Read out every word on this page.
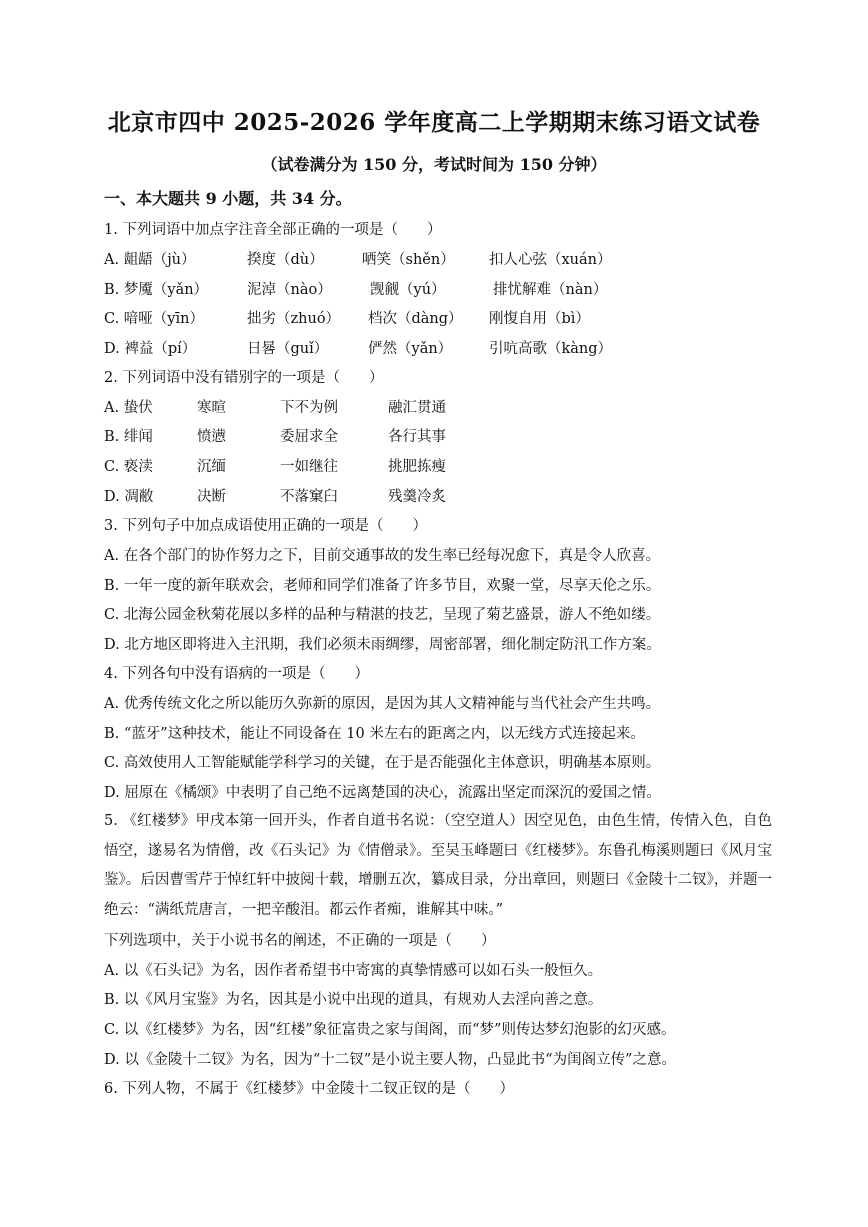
北京市四中 2025-2026 学年度高二上学期期末练习语文试卷
（试卷满分为 150 分，考试时间为 150 分钟）
一、本大题共 9 小题，共 34 分。
1. 下列词语中加点字注音全部正确的一项是（　　）
A. 龃龉（jù）	揆度（dù）	哂笑（shěn） 扣人心弦（xuán）
B. 梦魇（yǎn）	泥淖（nào）	觊觎（yú）	排忧解难（nàn）
C. 喑哑（yīn）	拙劣（zhuó） 档次（dàng） 刚愎自用（bì）
D. 裨益（pí）	日晷（guǐ）	俨然（yǎn）	引吭高歌（kàng）
2. 下列词语中没有错别字的一项是（　　）
A. 蛰伏	寒暄	下不为例	融汇贯通
B. 绯闻	愤懑	委屈求全	各行其事
C. 亵渎	沉缅	一如继往	挑肥拣瘦
D. 凋敝	决断	不落窠臼	残羹冷炙
3. 下列句子中加点成语使用正确的一项是（　　）
A. 在各个部门的协作努力之下，目前交通事故的发生率已经每况愈下，真是令人欣喜。
B. 一年一度的新年联欢会，老师和同学们准备了许多节目，欢聚一堂，尽享天伦之乐。
C. 北海公园金秋菊花展以多样的品种与精湛的技艺，呈现了菊艺盛景，游人不绝如缕。
D. 北方地区即将进入主汛期，我们必须未雨绸缪，周密部署，细化制定防汛工作方案。
4. 下列各句中没有语病的一项是（　　）
A. 优秀传统文化之所以能历久弥新的原因，是因为其人文精神能与当代社会产生共鸣。
B. “蓝牙”这种技术，能让不同设备在 10 米左右的距离之内，以无线方式连接起来。
C. 高效使用人工智能赋能学科学习的关键，在于是否能强化主体意识，明确基本原则。
D. 屈原在《橘颂》中表明了自己绝不远离楚国的决心，流露出坚定而深沉的爱国之情。
5. 《红楼梦》甲戌本第一回开头，作者自道书名说：（空空道人）因空见色，由色生情，传情入色，自色悟空，遂易名为情僧，改《石头记》为《情僧录》。至吴玉峰题曰《红楼梦》。东鲁孔梅溪则题曰《风月宝鉴》。后因曹雪芹于悼红轩中披阅十载，增删五次，纂成目录，分出章回，则题曰《金陵十二钗》，并题一绝云：“满纸荒唐言，一把辛酸泪。都云作者痴，谁解其中味。”
下列选项中，关于小说书名的阐述，不正确的一项是（　　）
A. 以《石头记》为名，因作者希望书中寄寓的真挚情感可以如石头一般恒久。
B. 以《风月宝鉴》为名，因其是小说中出现的道具，有规劝人去淫向善之意。
C. 以《红楼梦》为名，因“红楼”象征富贵之家与闺阁，而“梦”则传达梦幻泡影的幻灭感。
D. 以《金陵十二钗》为名，因为“十二钗”是小说主要人物，凸显此书“为闺阁立传”之意。
6. 下列人物，不属于《红楼梦》中金陵十二钗正钗的是（　　）
